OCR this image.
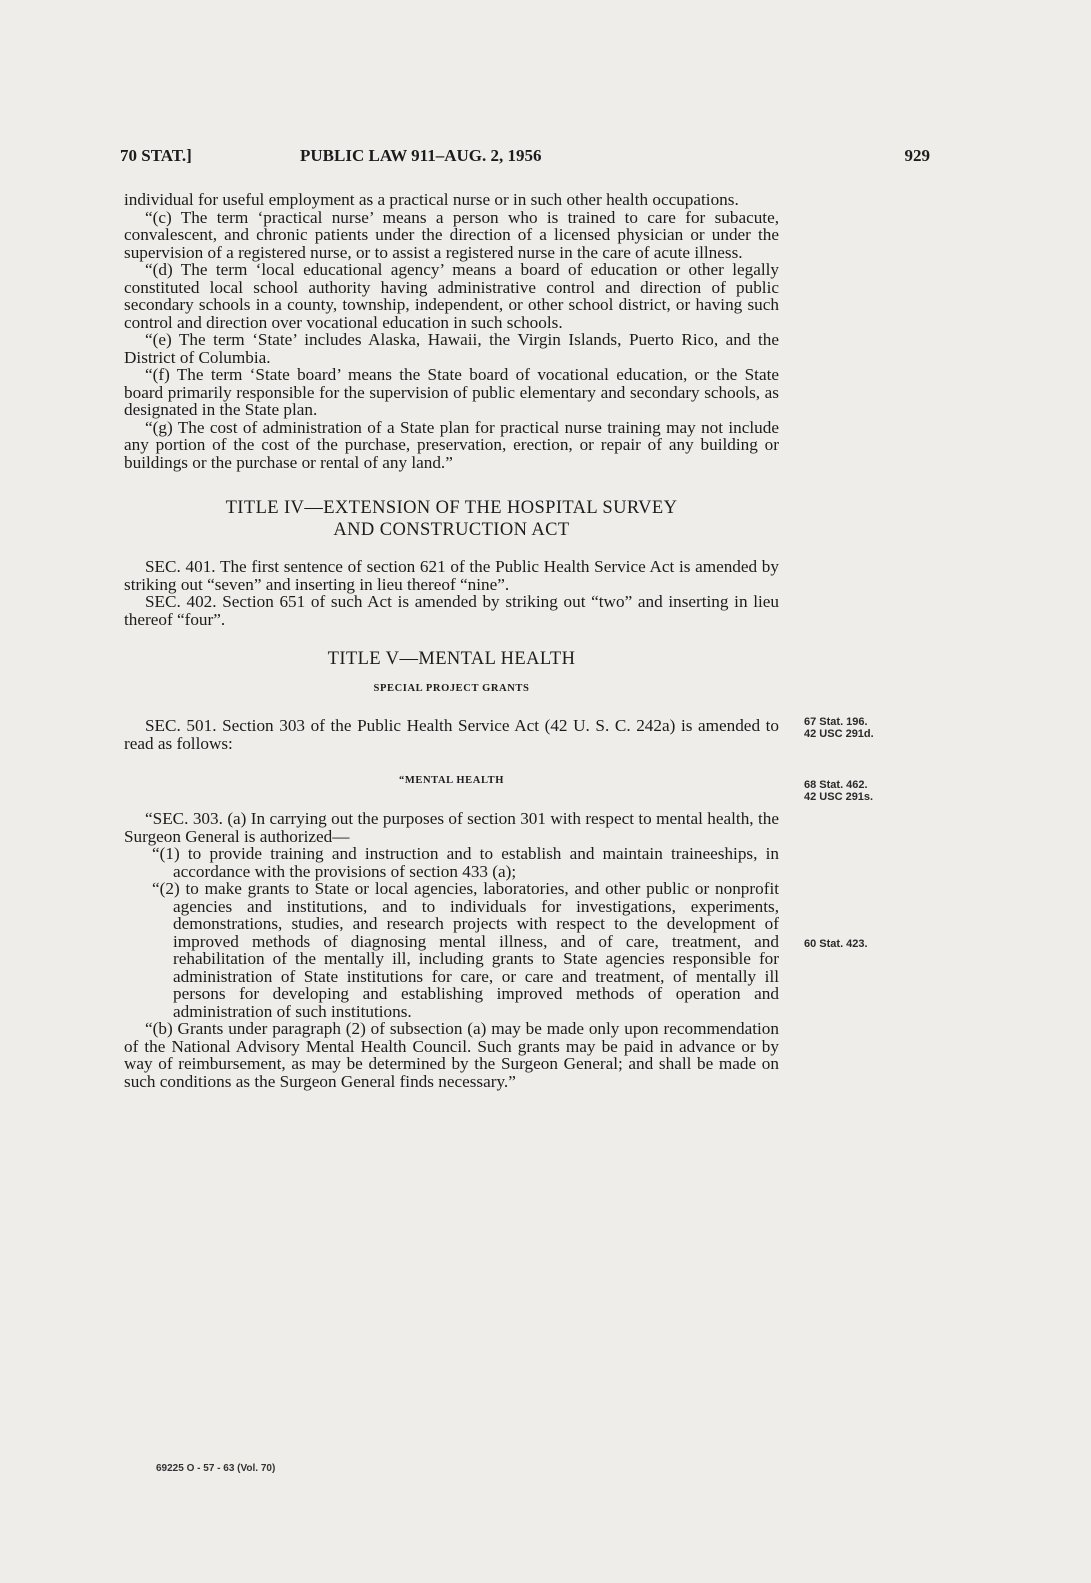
70 STAT.]	PUBLIC LAW 911–AUG. 2, 1956	929

individual for useful employment as a practical nurse or in such other health occupations.

“(c) The term ‘practical nurse’ means a person who is trained to care for subacute, convalescent, and chronic patients under the direction of a licensed physician or under the supervision of a registered nurse, or to assist a registered nurse in the care of acute illness.

“(d) The term ‘local educational agency’ means a board of education or other legally constituted local school authority having administrative control and direction of public secondary schools in a county, township, independent, or other school district, or having such control and direction over vocational education in such schools.

“(e) The term ‘State’ includes Alaska, Hawaii, the Virgin Islands, Puerto Rico, and the District of Columbia.

“(f) The term ‘State board’ means the State board of vocational education, or the State board primarily responsible for the supervision of public elementary and secondary schools, as designated in the State plan.

“(g) The cost of administration of a State plan for practical nurse training may not include any portion of the cost of the purchase, preservation, erection, or repair of any building or buildings or the purchase or rental of any land.”

TITLE IV—EXTENSION OF THE HOSPITAL SURVEY
AND CONSTRUCTION ACT

SEC. 401. The first sentence of section 621 of the Public Health Service Act is amended by striking out “seven” and inserting in lieu thereof “nine”.

SEC. 402. Section 651 of such Act is amended by striking out “two” and inserting in lieu thereof “four”.

TITLE V—MENTAL HEALTH
SPECIAL PROJECT GRANTS

SEC. 501. Section 303 of the Public Health Service Act (42 U. S. C. 242a) is amended to read as follows:

“MENTAL HEALTH

“SEC. 303. (a) In carrying out the purposes of section 301 with respect to mental health, the Surgeon General is authorized—

“(1) to provide training and instruction and to establish and maintain traineeships, in accordance with the provisions of section 433 (a);

“(2) to make grants to State or local agencies, laboratories, and other public or nonprofit agencies and institutions, and to individuals for investigations, experiments, demonstrations, studies, and research projects with respect to the development of improved methods of diagnosing mental illness, and of care, treatment, and rehabilitation of the mentally ill, including grants to State agencies responsible for administration of State institutions for care, or care and treatment, of mentally ill persons for developing and establishing improved methods of operation and administration of such institutions.

“(b) Grants under paragraph (2) of subsection (a) may be made only upon recommendation of the National Advisory Mental Health Council. Such grants may be paid in advance or by way of reimbursement, as may be determined by the Surgeon General; and shall be made on such conditions as the Surgeon General finds necessary.”

67 Stat. 196.
42 USC 291d.
68 Stat. 462.
42 USC 291s.
60 Stat. 423.
69225 O - 57 - 63 (Vol. 70)
